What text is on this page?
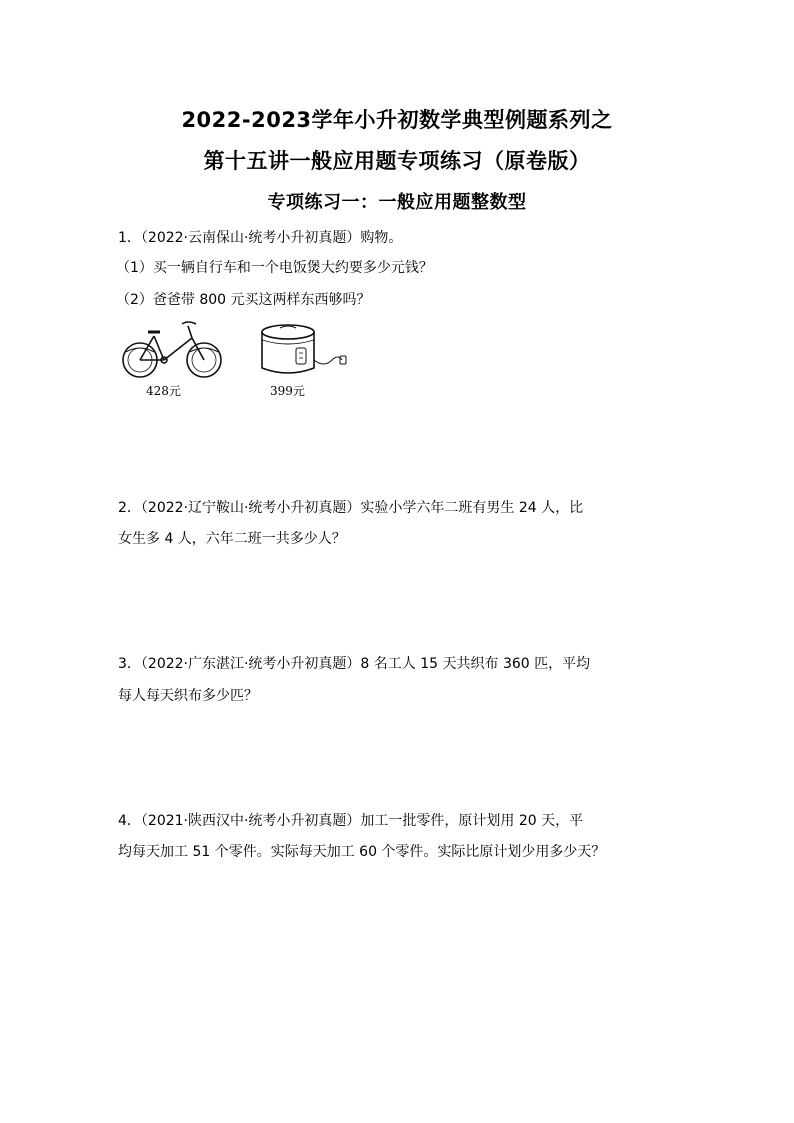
2022-2023学年小升初数学典型例题系列之
第十五讲一般应用题专项练习（原卷版）
专项练习一：一般应用题整数型
1．（2022·云南保山·统考小升初真题）购物。
（1）买一辆自行车和一个电饭煲大约要多少元钱？
（2）爸爸带 800 元买这两样东西够吗？
428元	399元
2．（2022·辽宁鞍山·统考小升初真题）实验小学六年二班有男生 24 人，比
女生多 4 人，六年二班一共多少人？
3．（2022·广东湛江·统考小升初真题）8 名工人 15 天共织布 360 匹，平均
每人每天织布多少匹？
4．（2021·陕西汉中·统考小升初真题）加工一批零件，原计划用 20 天，平
均每天加工 51 个零件。实际每天加工 60 个零件。实际比原计划少用多少天？
